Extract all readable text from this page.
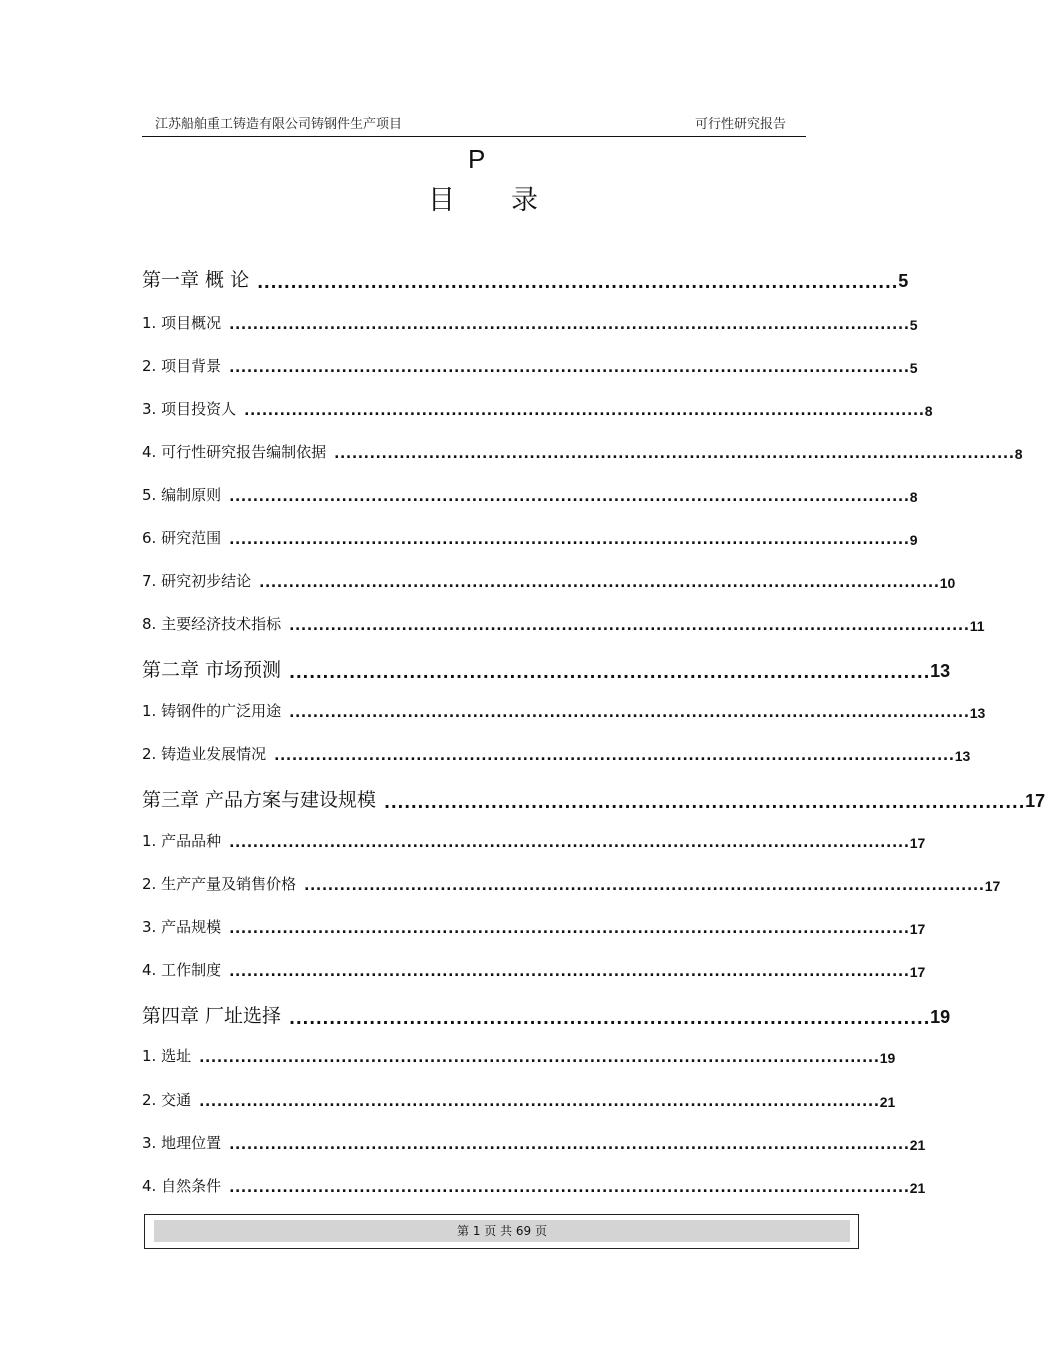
江苏船舶重工铸造有限公司铸钢件生产项目	可行性研究报告
P
目录
第一章 概 论 ................................................................................................ 5
1. 项目概况 ................................................................................................................... 5
2. 项目背景 ................................................................................................................... 5
3. 项目投资人 ................................................................................................................... 8
4. 可行性研究报告编制依据 ................................................................................................................... 8
5. 编制原则 ................................................................................................................... 8
6. 研究范围 ................................................................................................................... 9
7. 研究初步结论 ................................................................................................................... 10
8. 主要经济技术指标 ................................................................................................................... 11
第二章 市场预测 ................................................................................................ 13
1. 铸钢件的广泛用途 ................................................................................................................... 13
2. 铸造业发展情况 ................................................................................................................... 13
第三章 产品方案与建设规模 ................................................................................................ 17
1. 产品品种 ................................................................................................................... 17
2. 生产产量及销售价格 ................................................................................................................... 17
3. 产品规模 ................................................................................................................... 17
4. 工作制度 ................................................................................................................... 17
第四章 厂址选择 ................................................................................................ 19
1. 选址 ................................................................................................................... 19
2. 交通 ................................................................................................................... 21
3. 地理位置 ................................................................................................................... 21
4. 自然条件 ................................................................................................................... 21
第 1 页 共 69 页
